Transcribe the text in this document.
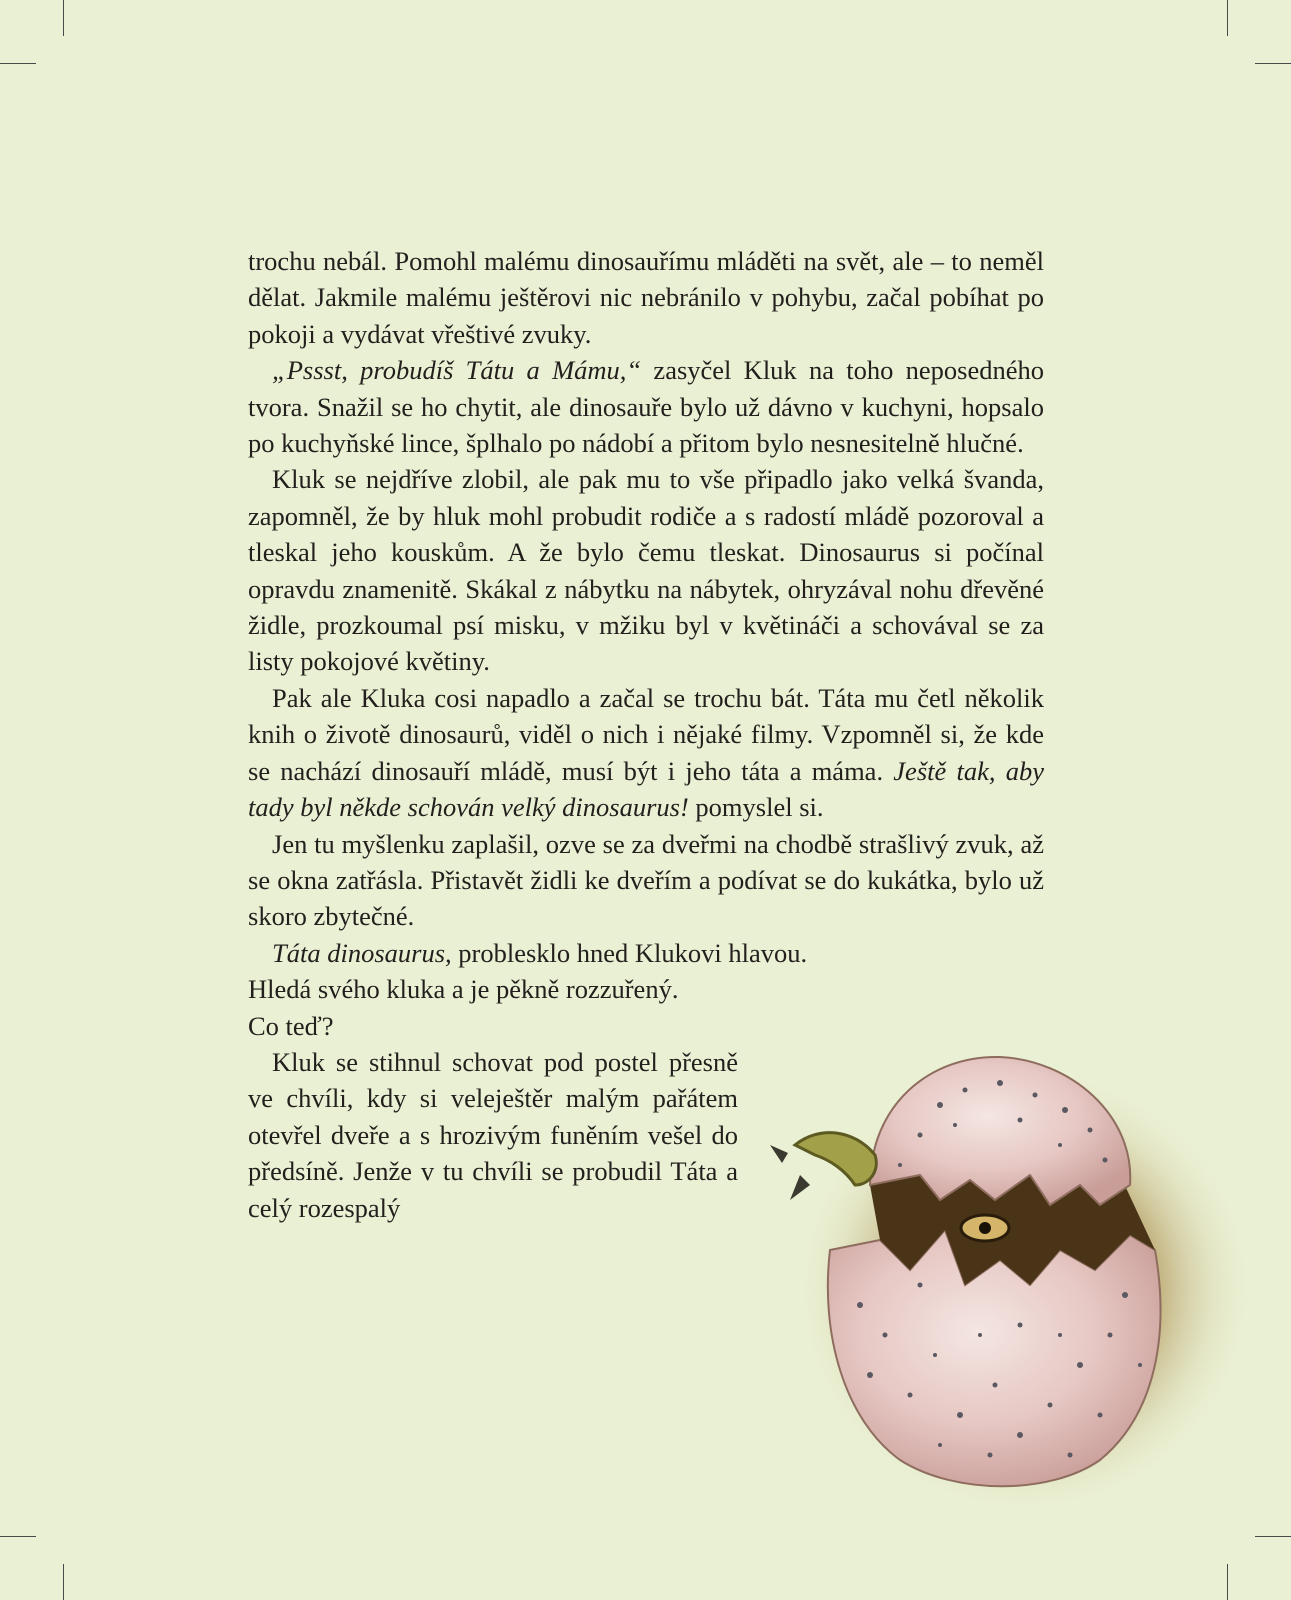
trochu nebál. Pomohl malému dinosauřímu mláděti na svět, ale – to neměl dělat. Jakmile malému ještěrovi nic nebránilo v pohybu, začal pobíhat po pokoji a vydávat vřeštivé zvuky.

„Pssst, probudíš Tátu a Mámu,“ zasyčel Kluk na toho neposedného tvora. Snažil se ho chytit, ale dinosauře bylo už dávno v kuchyni, hopsalo po kuchyňské lince, šplhalo po nádobí a přitom bylo nesnesitelně hlučné.

Kluk se nejdříve zlobil, ale pak mu to vše připadlo jako velká švanda, zapomněl, že by hluk mohl probudit rodiče a s radostí mládě pozoroval a tleskal jeho kouskům. A že bylo čemu tleskat. Dinosaurus si počínal opravdu znamenitě. Skákal z nábytku na nábytek, ohryzával nohu dřevěné židle, prozkoumal psí misku, v mžiku byl v květináči a schovával se za listy pokojové květiny.

Pak ale Kluka cosi napadlo a začal se trochu bát. Táta mu četl několik knih o životě dinosaurů, viděl o nich i nějaké filmy. Vzpomněl si, že kde se nachází dinosauří mládě, musí být i jeho táta a máma. Ještě tak, aby tady byl někde schován velký dinosaurus! pomyslel si.

Jen tu myšlenku zaplašil, ozve se za dveřmi na chodbě strašlivý zvuk, až se okna zatřásla. Přistavět židli ke dveřím a podívat se do kukátka, bylo už skoro zbytečné.

Táta dinosaurus, problesklo hned Klukovi hlavou.

Hledá svého kluka a je pěkně rozzuřený.

Co teď?

Kluk se stihnul schovat pod postel přesně ve chvíli, kdy si veleještěr malým pařátem otevřel dveře a s hrozivým funěním vešel do předsíně. Jenže v tu chvíli se probudil Táta a celý rozespalý
